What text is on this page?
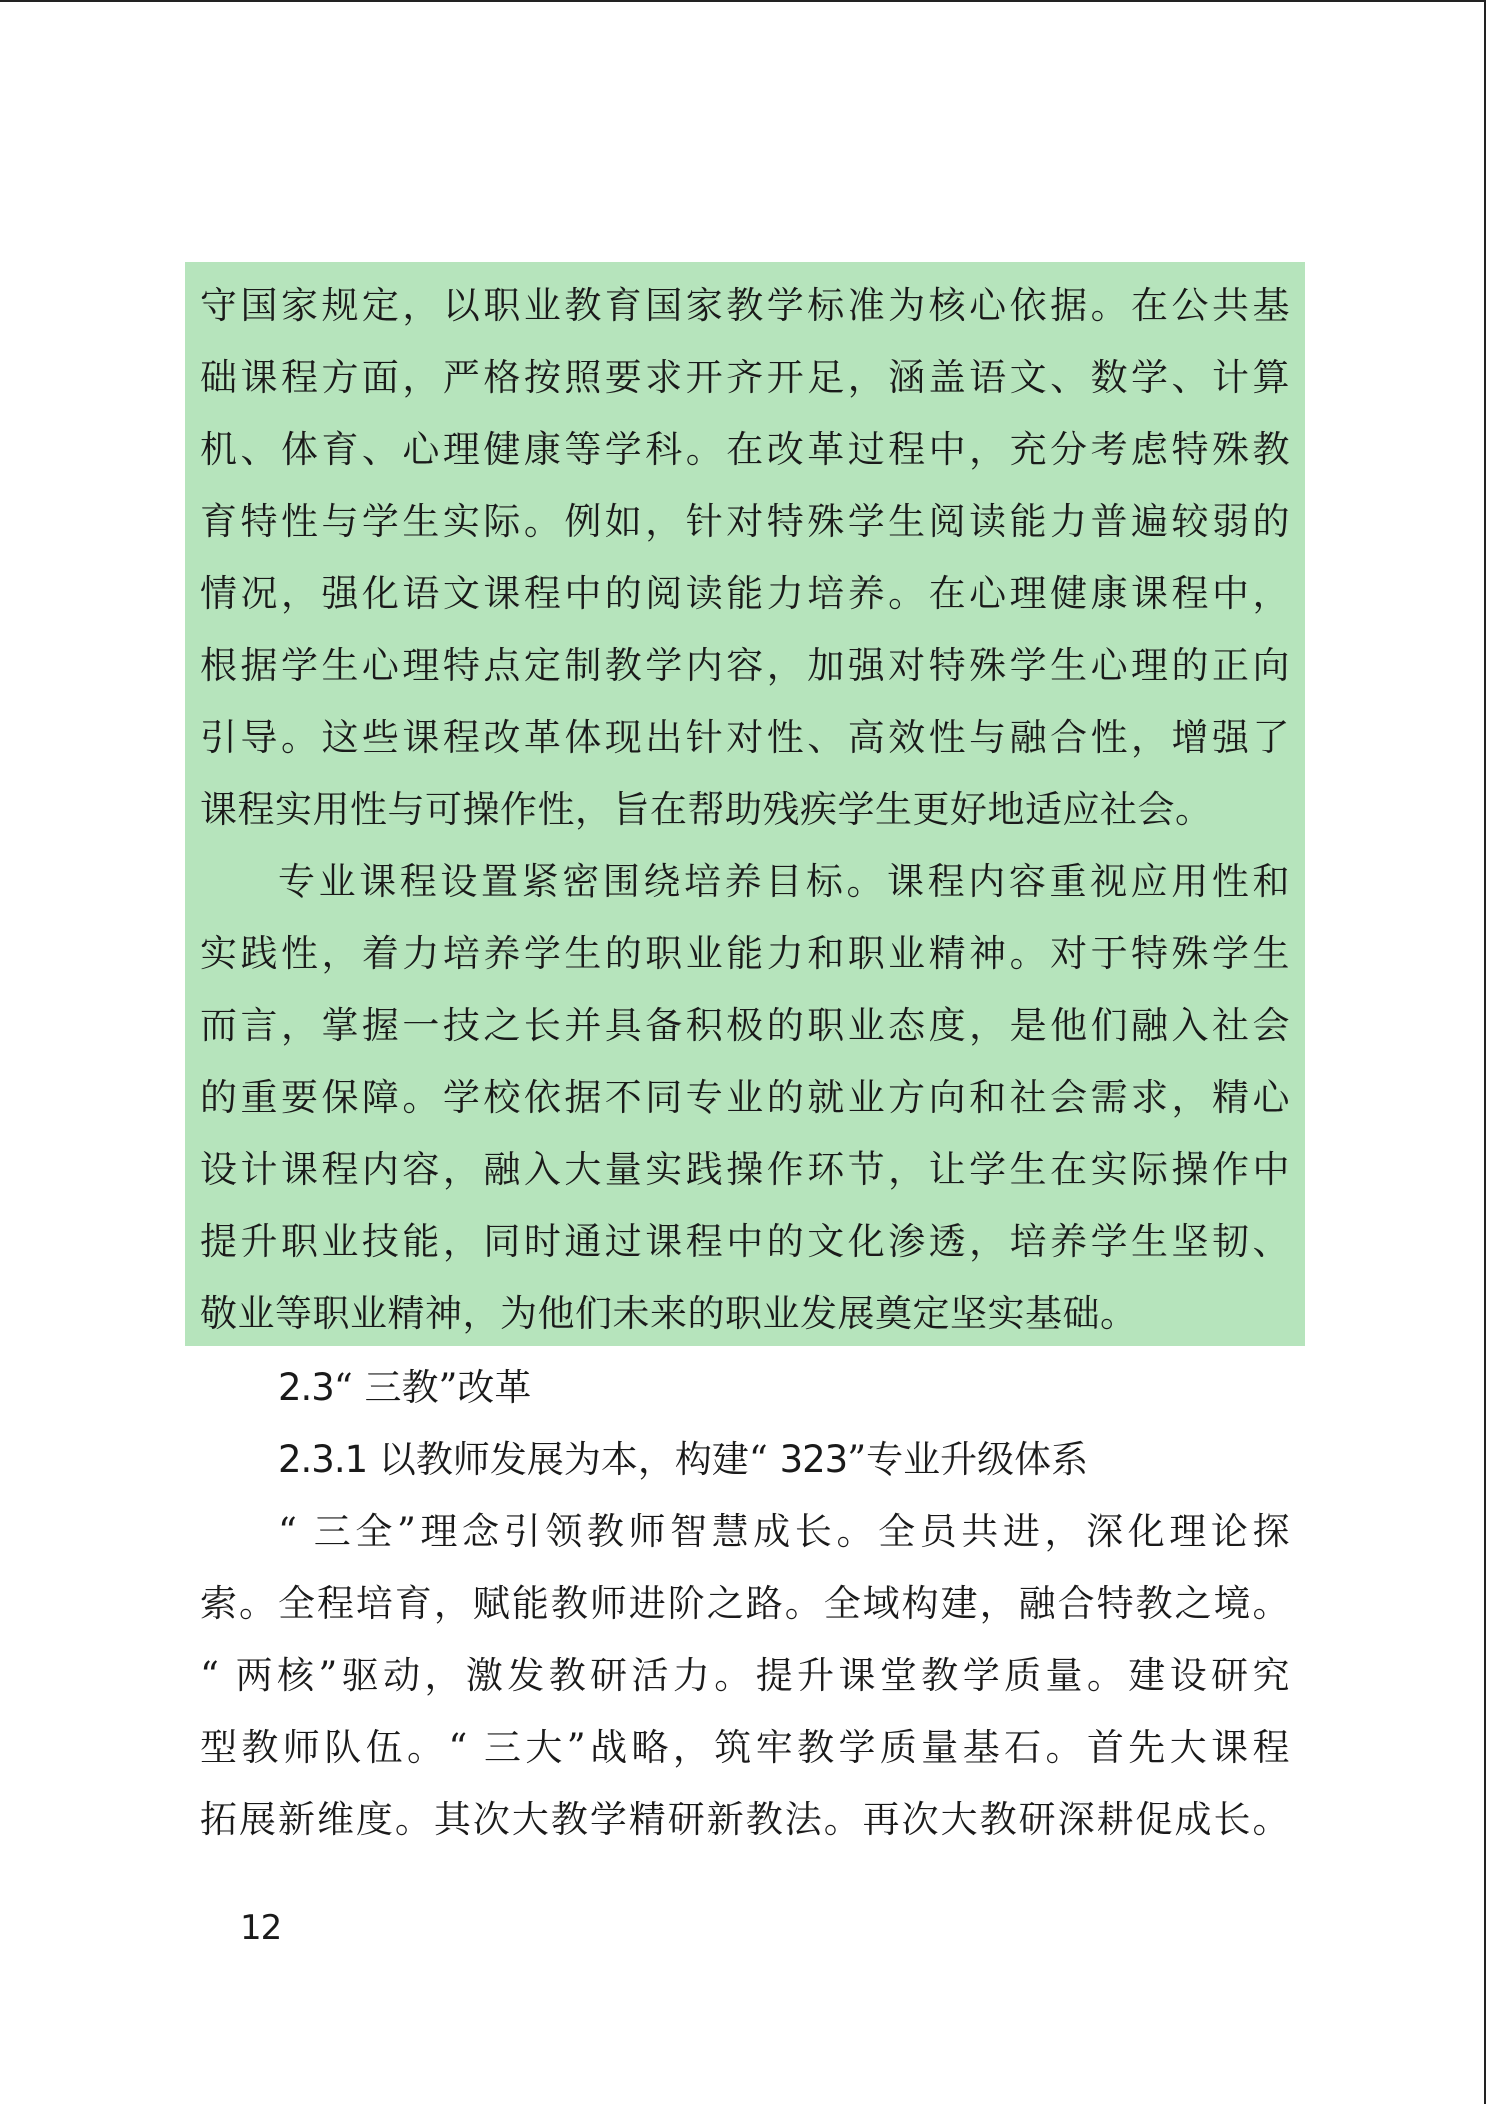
守国家规定，以职业教育国家教学标准为核心依据。在公共基
础课程方面，严格按照要求开齐开足，涵盖语文、数学、计算
机、体育、心理健康等学科。在改革过程中，充分考虑特殊教
育特性与学生实际。例如，针对特殊学生阅读能力普遍较弱的
情况，强化语文课程中的阅读能力培养。在心理健康课程中，
根据学生心理特点定制教学内容，加强对特殊学生心理的正向
引导。这些课程改革体现出针对性、高效性与融合性，增强了
课程实用性与可操作性，旨在帮助残疾学生更好地适应社会。
专业课程设置紧密围绕培养目标。课程内容重视应用性和
实践性，着力培养学生的职业能力和职业精神。对于特殊学生
而言，掌握一技之长并具备积极的职业态度，是他们融入社会
的重要保障。学校依据不同专业的就业方向和社会需求，精心
设计课程内容，融入大量实践操作环节，让学生在实际操作中
提升职业技能，同时通过课程中的文化渗透，培养学生坚韧、
敬业等职业精神，为他们未来的职业发展奠定坚实基础。
2.3“ 三教”改革
2.3.1 以教师发展为本，构建“ 323”专业升级体系
“ 三全”理念引领教师智慧成长。全员共进，深化理论探
索。全程培育，赋能教师进阶之路。全域构建，融合特教之境。
“ 两核”驱动，激发教研活力。提升课堂教学质量。建设研究
型教师队伍。“ 三大”战略，筑牢教学质量基石。首先大课程
拓展新维度。其次大教学精研新教法。再次大教研深耕促成长。
12
